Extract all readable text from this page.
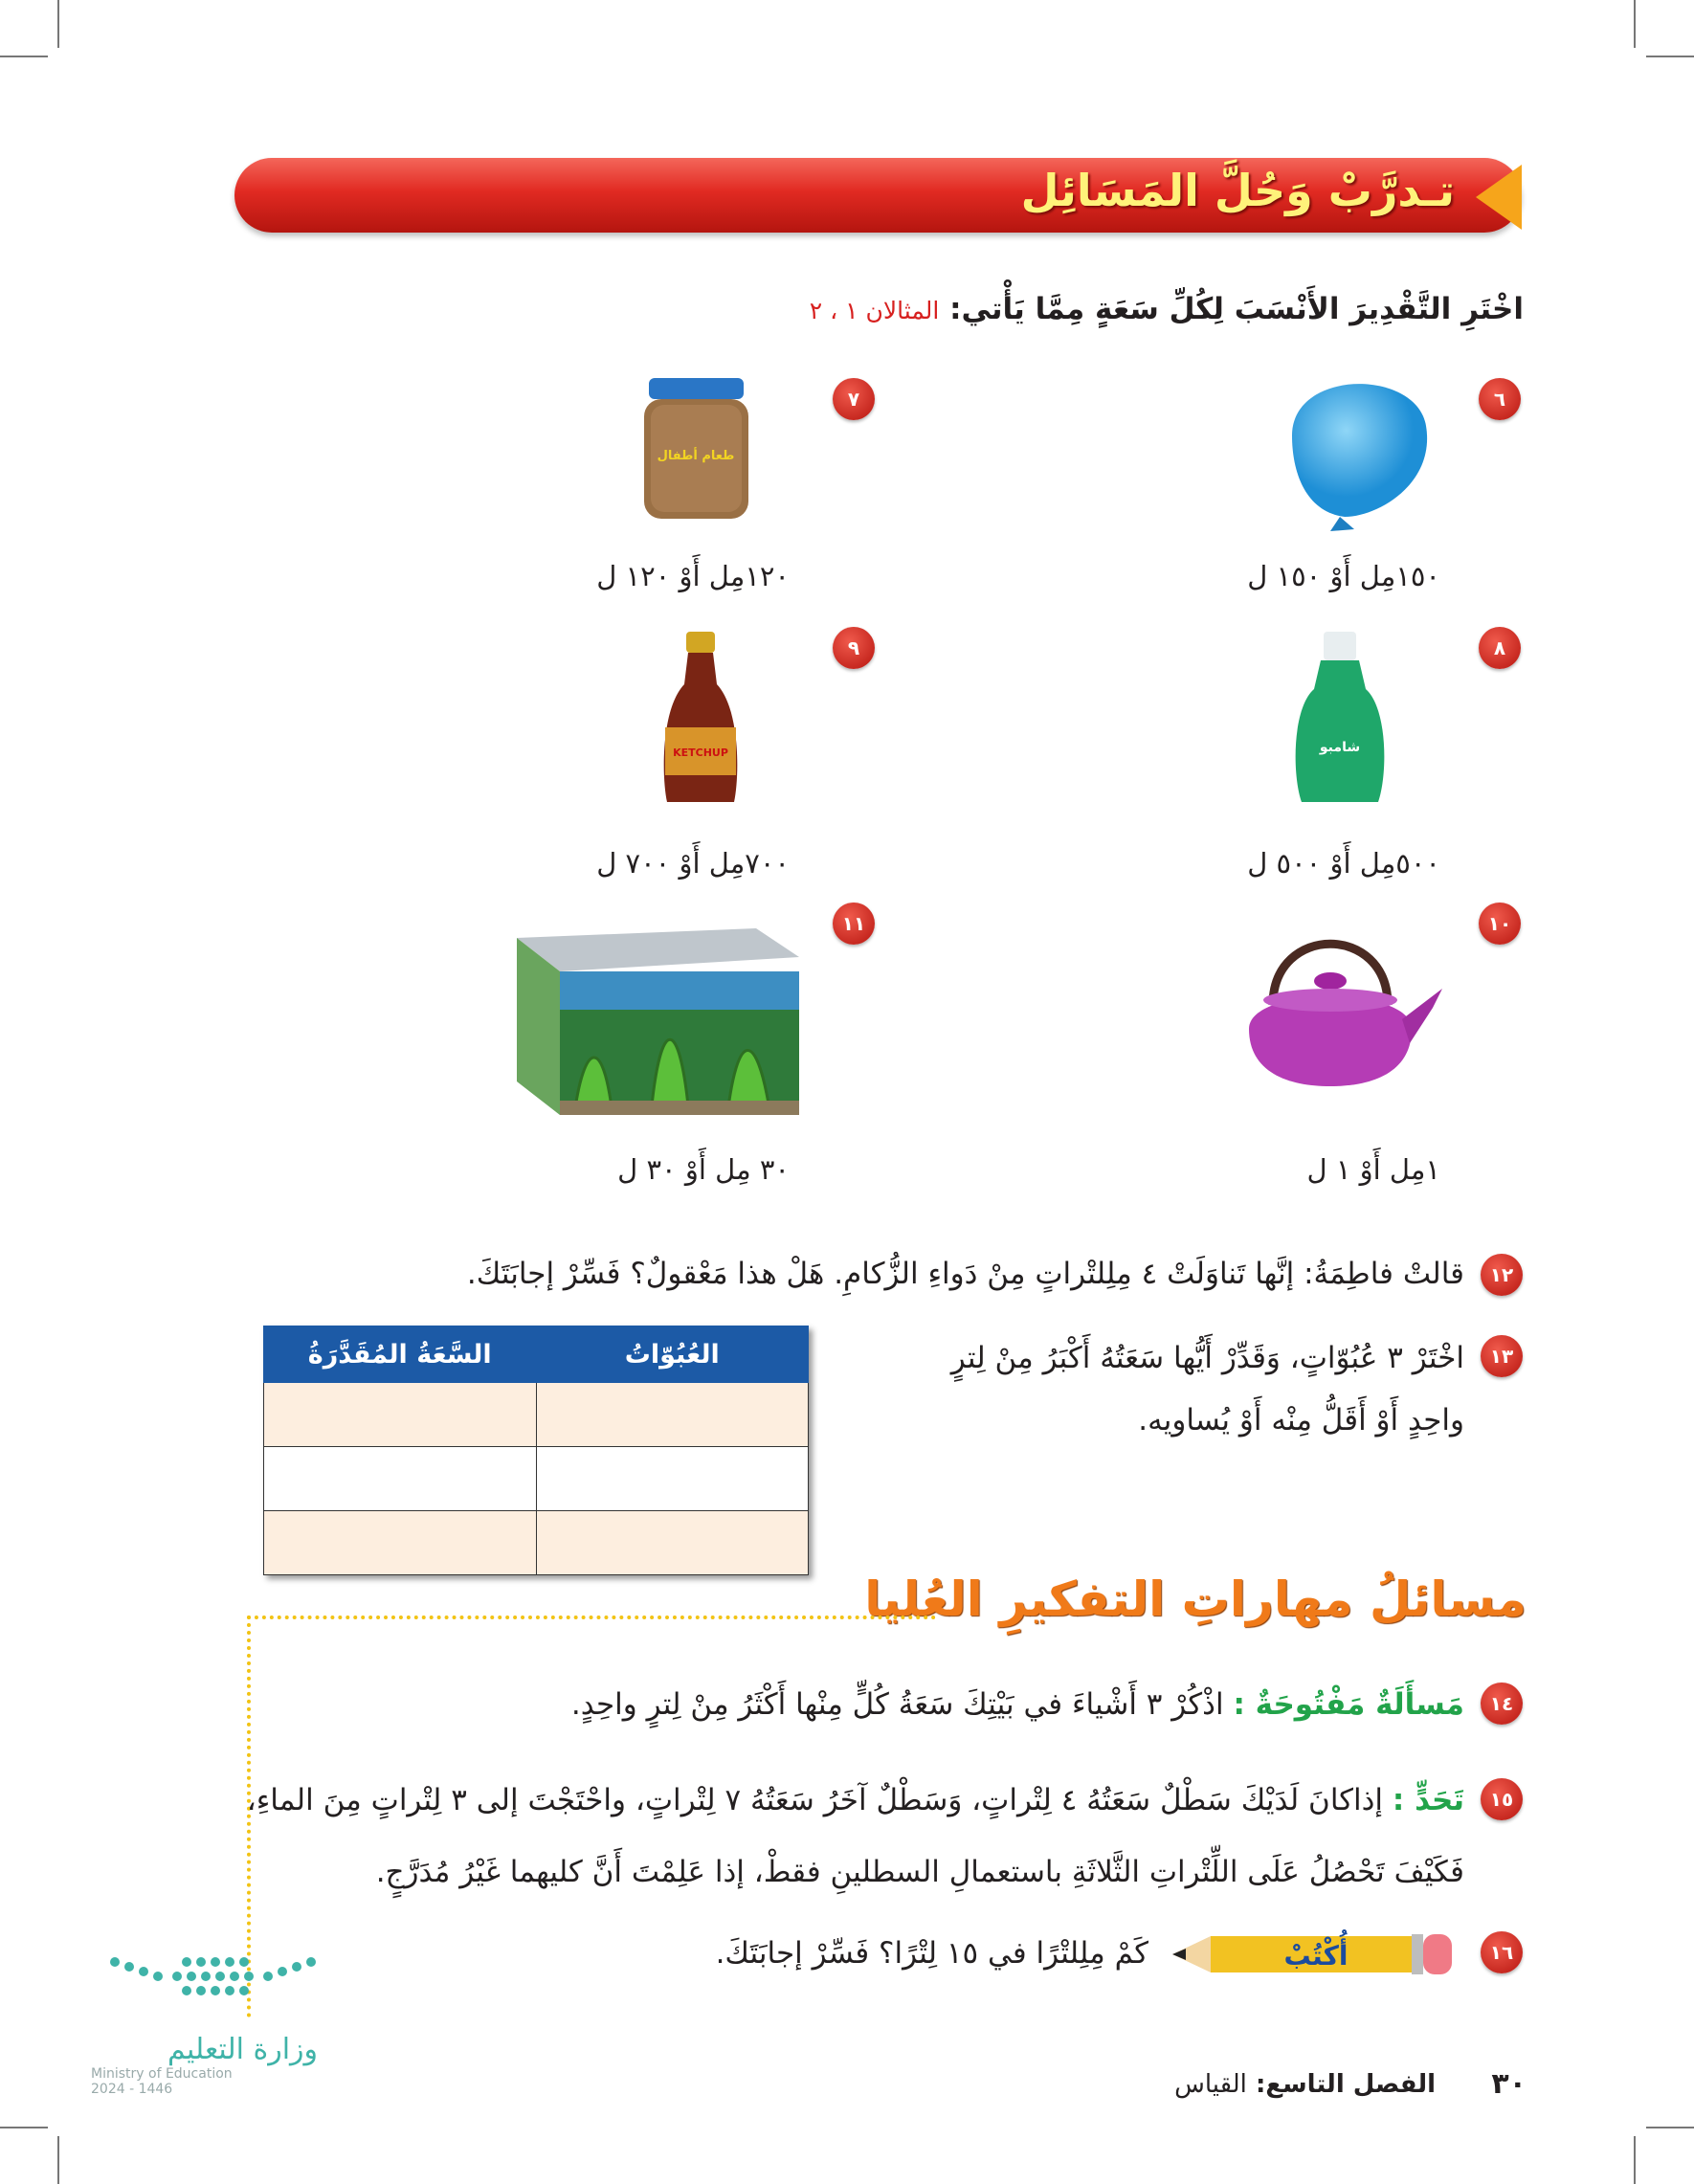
تـدرَّبْ وَحُلَّ المَسَائِل
اخْتَرِ التَّقْدِيرَ الأَنْسَبَ لِكُلِّ سَعَةٍ مِمَّا يَأْتي: المثالان ١ ، ٢
٦
١٥٠مِل أَوْ ١٥٠ ل
٧
طعام أطفال
١٢٠مِل أَوْ ١٢٠ ل
٨
شامبو
٥٠٠مِل أَوْ ٥٠٠ ل
٩
KETCHUP
٧٠٠مِل أَوْ ٧٠٠ ل
١٠
١مِل أَوْ ١ ل
١١
٣٠ مِل أَوْ ٣٠ ل
١٢
قالتْ فاطِمَةُ: إنَّها تَناوَلَتْ ٤ مِلِلتْراتٍ مِنْ دَواءِ الزُّكامِ. هَلْ هذا مَعْقولٌ؟ فَسِّرْ إجابَتَكَ.
١٣
اخْتَرْ ٣ عُبُوّاتٍ، وَقَدِّرْ أَيُّها سَعَتُهُ أَكْبَرُ مِنْ لِترٍ
واحِدٍ أَوْ أَقَلُّ مِنْه أَوْ يُساويه.
العُبُوّاتُ	السَّعَةُ المُقَدَّرَةُ

مسائلُ مهاراتِ التفكيرِ العُليا
١٤
مَسأَلَةٌ مَفْتُوحَةٌ : اذْكُرْ ٣ أَشْياءَ في بَيْتِكَ سَعَةُ كُلٍّ مِنْها أَكْثَرُ مِنْ لِترٍ واحِدٍ.
١٥
تَحَدٍّ : إذاكانَ لَدَيْكَ سَطْلٌ سَعَتُهُ ٤ لِتْراتٍ، وَسَطْلٌ آخَرُ سَعَتُهُ ٧ لِتْراتٍ، واحْتَجْتَ إلى ٣ لِتْراتٍ مِنَ الماءِ،
فَكَيْفَ تَحْصُلُ عَلَى اللِّتْراتِ الثَّلاثَةِ باستعمالِ السطلينِ فقطْ، إذا عَلِمْتَ أَنَّ كليهما غَيْرُ مُدَرَّجٍ.
١٦
أُكْتُبْ
كَمْ مِلِلتْرًا في ١٥ لِتْرًا؟ فَسِّرْ إجابَتَكَ.
٣٠
الفصل التاسع: القياس
وزارة التعليم
Ministry of Education
2024 - 1446
